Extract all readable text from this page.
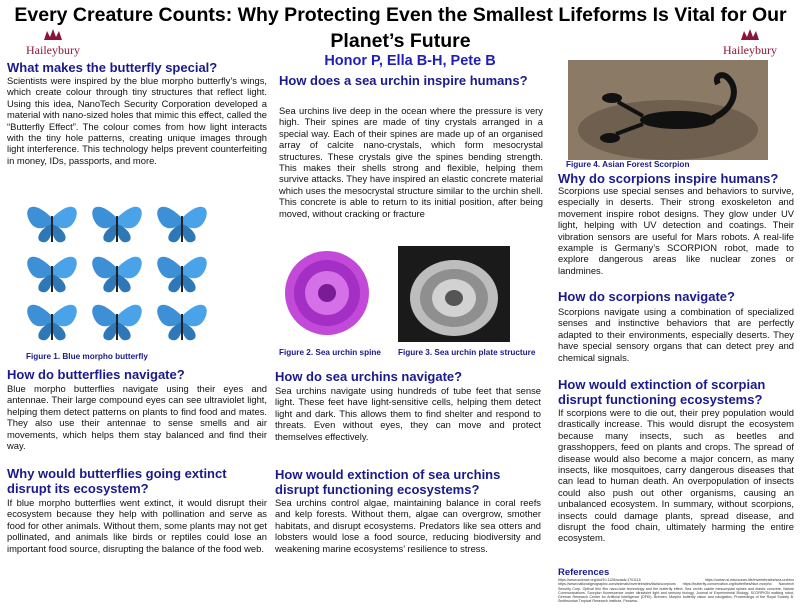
Every Creature Counts: Why Protecting Even the Smallest Lifeforms Is Vital for Our Planet’s Future
Honor P, Ella B-H, Pete B
Haileybury	Haileybury
What makes the butterfly special?
Scientists were inspired by the blue morpho butterfly’s wings, which create colour through tiny structures that reflect light. Using this idea, NanoTech Security Corporation developed a material with nano-sized holes that mimic this effect, called the “Butterfly Effect”. The colour comes from how light interacts with the tiny hole patterns, creating unique images through light interference. This technology helps prevent counterfeiting in money, IDs, passports, and more.
Figure 1. Blue morpho butterfly
How do butterflies navigate?
Blue morpho butterflies navigate using their eyes and antennae. Their large compound eyes can see ultraviolet light, helping them detect patterns on plants to find food and mates. They also use their antennae to sense smells and air movements, which helps them stay balanced and find their way.
Why would butterflies going extinct disrupt its ecosystem?
If blue morpho butterflies went extinct, it would disrupt their ecosystem because they help with pollination and serve as food for other animals. Without them, some plants may not get pollinated, and animals like birds or reptiles could lose an important food source, disrupting the balance of the food web.
How does a sea urchin inspire humans?
Sea urchins live deep in the ocean where the pressure is very high. Their spines are made of tiny crystals arranged in a special way. Each of their spines are made up of an organised array of calcite nano-crystals, which form mesocrystal structures. These crystals give the spines bending strength. This makes their shells strong and flexible, helping them survive attacks. They have inspired an elastic concrete material which uses the mesocrystal structure similar to the urchin shell. This concrete is able to return to its initial position, after being moved, without cracking or fracture
Figure 2. Sea urchin spine Figure 3. Sea urchin plate structure
How do sea urchins navigate?
Sea urchins navigate using hundreds of tube feet that sense light. These feet have light-sensitive cells, helping them detect light and dark. This allows them to find shelter and respond to threats. Even without eyes, they can move and protect themselves effectively.
How would extinction of sea urchins disrupt functioning ecosystems?
Sea urchins control algae, maintaining balance in coral reefs and kelp forests. Without them, algae can overgrow, smother habitats, and disrupt ecosystems. Predators like sea otters and lobsters would lose a food source, reducing biodiversity and weakening marine ecosystems’ resilience to stress.
Figure 4. Asian Forest Scorpion
Why do scorpions inspire humans?
Scorpions use special senses and behaviors to survive, especially in deserts. Their strong exoskeleton and movement inspire robot designs. They glow under UV light, helping with UV detection and coatings. Their vibration sensors are useful for Mars robots. A real-life example is Germany’s SCORPION robot, made to explore dangerous areas like nuclear zones or landmines.
How do scorpions navigate?
Scorpions navigate using a combination of specialized senses and instinctive behaviors that are perfectly adapted to their environments, especially deserts. They have special sensory organs that can detect prey and chemical signals.
How would extinction of scorpian disrupt functioning ecosystems?
If scorpions were to die out, their prey population would drastically increase. This would disrupt the ecosystem because many insects, such as beetles and grasshoppers, feed on plants and crops. The spread of disease would also become a major concern, as many insects, like mosquitoes, carry dangerous diseases that can lead to human death. An overpopulation of insects could also push out other organisms, causing an unbalanced ecosystem. In summary, without scorpions, insects could damage plants, spread disease, and disrupt the food chain, ultimately harming the entire ecosystem.
References
https://www.science.org/doi/10.1126/sciadv.1701115 https://ocean.si.edu/ocean-life/invertebrates/sea-urchins https://www.nationalgeographic.com/animals/invertebrates/facts/scorpions https://butterfly-conservation.org/butterflies/blue-morpho Nanotech Security Corp. Optical thin film nano-hole technology and the butterfly effect. Sea urchin calcite mesocrystal spines and elastic concrete, Nature Communications. Scorpion fluorescence under ultraviolet light and sensory biology, Journal of Experimental Biology. SCORPION walking robot, German Research Center for Artificial Intelligence (DFKI), Bremen. Morpho butterfly vision and navigation, Proceedings of the Royal Society B. Smithsonian Tropical Research Institute, Panama.
